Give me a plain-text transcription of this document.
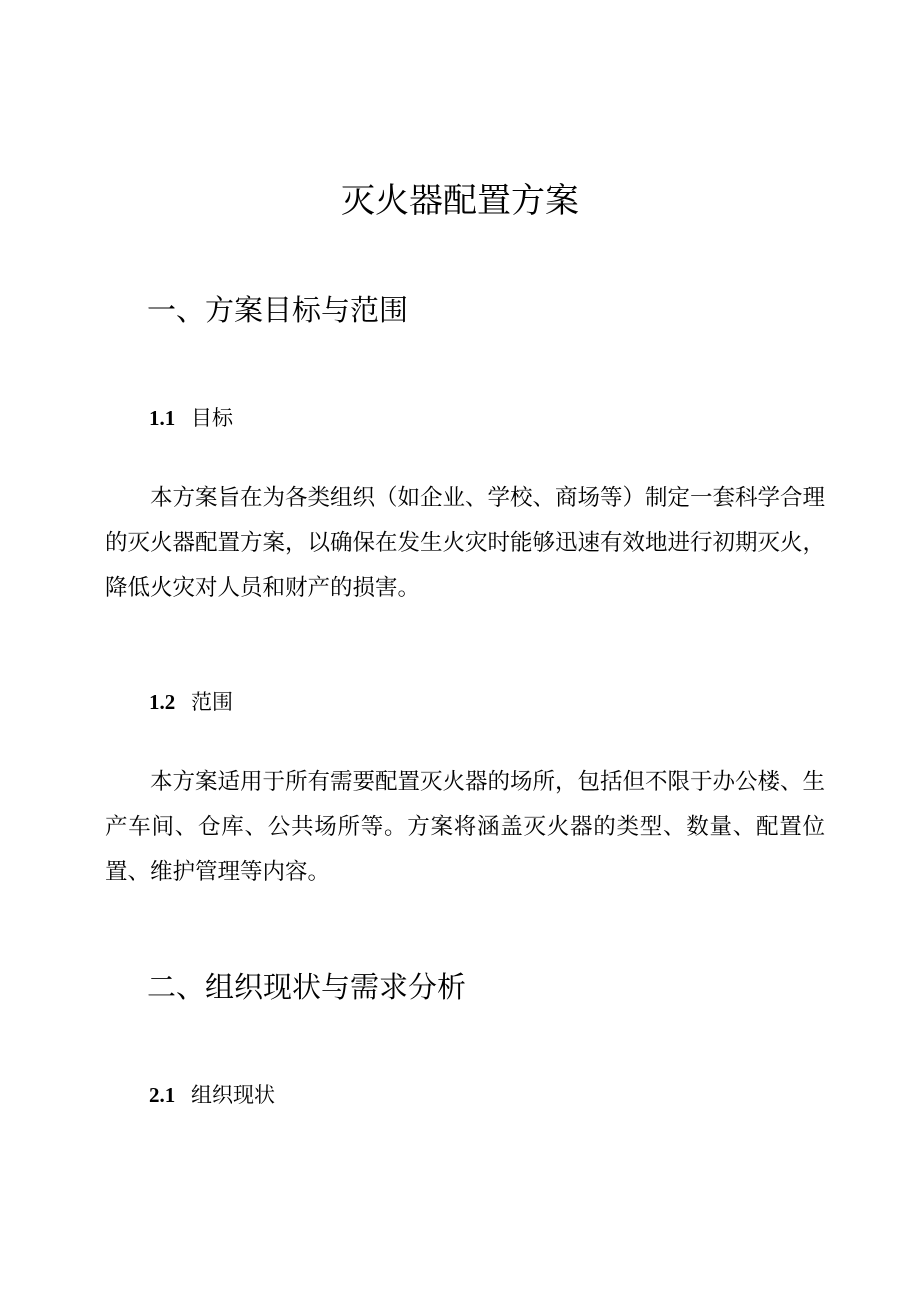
灭火器配置方案
一、方案目标与范围
1.1 目标

本方案旨在为各类组织（如企业、学校、商场等）制定一套科学合理的灭火器配置方案，以确保在发生火灾时能够迅速有效地进行初期灭火，降低火灾对人员和财产的损害。

1.2 范围

本方案适用于所有需要配置灭火器的场所，包括但不限于办公楼、生产车间、仓库、公共场所等。方案将涵盖灭火器的类型、数量、配置位置、维护管理等内容。

二、组织现状与需求分析
2.1 组织现状
